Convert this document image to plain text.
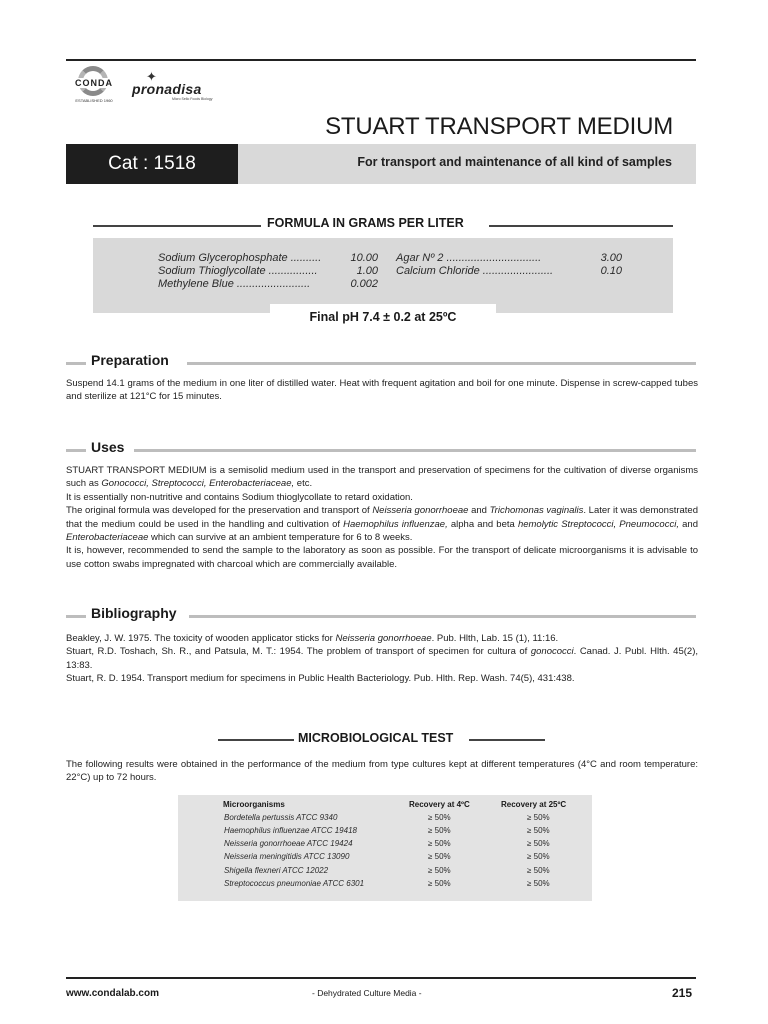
CONDA
ESTABLISHED 1960
✦
pronadisa
Micro Sello Foods Biology
STUART TRANSPORT MEDIUM
Cat : 1518	For transport and maintenance of all kind of samples
FORMULA IN GRAMS PER LITER
Sodium Glycerophosphate ..........	10.00
Sodium Thioglycollate ................	1.00
Methylene Blue ........................	0.002
Agar Nº 2 ...............................	3.00
Calcium Chloride .......................	0.10
Final pH 7.4 ± 0.2 at 25ºC
Preparation

Suspend 14.1 grams of the medium in one liter of distilled water. Heat with frequent agitation and boil for one minute. Dispense in screw-capped tubes and sterilize at 121°C for 15 minutes.

Uses

STUART TRANSPORT MEDIUM is a semisolid medium used in the transport and preservation of specimens for the cultivation of diverse organisms such as Gonococci, Streptococci, Enterobacteriaceae, etc.

It is essentially non-nutritive and contains Sodium thioglycollate to retard oxidation.

The original formula was developed for the preservation and transport of Neisseria gonorrhoeae and Trichomonas vaginalis. Later it was demonstrated that the medium could be used in the handling and cultivation of Haemophilus influenzae, alpha and beta hemolytic Streptococci, Pneumococci, and Enterobacteriaceae which can survive at an ambient temperature for 6 to 8 weeks.

It is, however, recommended to send the sample to the laboratory as soon as possible. For the transport of delicate microorganisms it is advisable to use cotton swabs impregnated with charcoal which are commercially available.

Bibliography

Beakley, J. W. 1975. The toxicity of wooden applicator sticks for Neisseria gonorrhoeae. Pub. Hlth, Lab. 15 (1), 11:16.

Stuart, R.D. Toshach, Sh. R., and Patsula, M. T.: 1954. The problem of transport of specimen for cultura of gonococci. Canad. J. Publ. Hlth. 45(2), 13:83.

Stuart, R. D. 1954. Transport medium for specimens in Public Health Bacteriology. Pub. Hlth. Rep. Wash. 74(5), 431:438.

MICROBIOLOGICAL TEST

The following results were obtained in the performance of the medium from type cultures kept at different temperatures (4°C and room temperature: 22°C) up to 72 hours.

Microorganisms	Recovery at 4ºC	Recovery at 25ºC
Bordetella pertussis ATCC 9340	≥ 50%	≥ 50%
Haemophilus influenzae ATCC 19418	≥ 50%	≥ 50%
Neisseria gonorrhoeae ATCC 19424	≥ 50%	≥ 50%
Neisseria meningitidis ATCC 13090	≥ 50%	≥ 50%
Shigella flexneri ATCC 12022	≥ 50%	≥ 50%
Streptococcus pneumoniae ATCC 6301	≥ 50%	≥ 50%
www.condalab.com	- Dehydrated Culture Media -	215
